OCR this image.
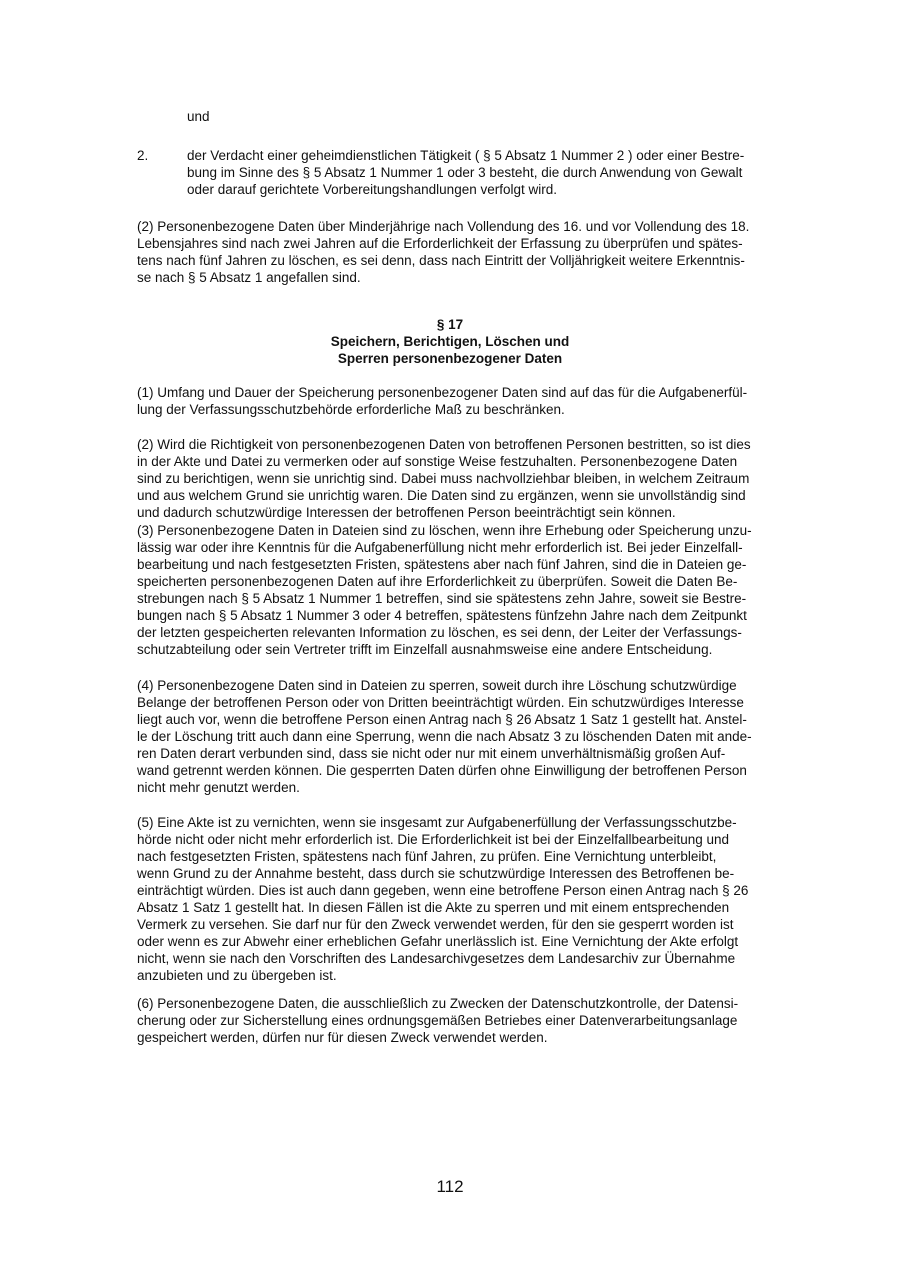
und
2.	der Verdacht einer geheimdienstlichen Tätigkeit ( § 5 Absatz 1 Nummer 2 ) oder einer Bestre-
bung im Sinne des § 5 Absatz 1 Nummer 1 oder 3 besteht, die durch Anwendung von Gewalt
oder darauf gerichtete Vorbereitungshandlungen verfolgt wird.
(2) Personenbezogene Daten über Minderjährige nach Vollendung des 16. und vor Vollendung des 18.
Lebensjahres sind nach zwei Jahren auf die Erforderlichkeit der Erfassung zu überprüfen und spätes-
tens nach fünf Jahren zu löschen, es sei denn, dass nach Eintritt der Volljährigkeit weitere Erkenntnis-
se nach § 5 Absatz 1 angefallen sind.
§ 17
Speichern, Berichtigen, Löschen und
Sperren personenbezogener Daten
(1) Umfang und Dauer der Speicherung personenbezogener Daten sind auf das für die Aufgabenerfül-
lung der Verfassungsschutzbehörde erforderliche Maß zu beschränken.
(2) Wird die Richtigkeit von personenbezogenen Daten von betroffenen Personen bestritten, so ist dies
in der Akte und Datei zu vermerken oder auf sonstige Weise festzuhalten. Personenbezogene Daten
sind zu berichtigen, wenn sie unrichtig sind. Dabei muss nachvollziehbar bleiben, in welchem Zeitraum
und aus welchem Grund sie unrichtig waren. Die Daten sind zu ergänzen, wenn sie unvollständig sind
und dadurch schutzwürdige Interessen der betroffenen Person beeinträchtigt sein können.
(3) Personenbezogene Daten in Dateien sind zu löschen, wenn ihre Erhebung oder Speicherung unzu-
lässig war oder ihre Kenntnis für die Aufgabenerfüllung nicht mehr erforderlich ist. Bei jeder Einzelfall-
bearbeitung und nach festgesetzten Fristen, spätestens aber nach fünf Jahren, sind die in Dateien ge-
speicherten personenbezogenen Daten auf ihre Erforderlichkeit zu überprüfen. Soweit die Daten Be-
strebungen nach § 5 Absatz 1 Nummer 1 betreffen, sind sie spätestens zehn Jahre, soweit sie Bestre-
bungen nach § 5 Absatz 1 Nummer 3 oder 4 betreffen, spätestens fünfzehn Jahre nach dem Zeitpunkt
der letzten gespeicherten relevanten Information zu löschen, es sei denn, der Leiter der Verfassungs-
schutzabteilung oder sein Vertreter trifft im Einzelfall ausnahmsweise eine andere Entscheidung.
(4) Personenbezogene Daten sind in Dateien zu sperren, soweit durch ihre Löschung schutzwürdige
Belange der betroffenen Person oder von Dritten beeinträchtigt würden. Ein schutzwürdiges Interesse
liegt auch vor, wenn die betroffene Person einen Antrag nach § 26 Absatz 1 Satz 1 gestellt hat. Anstel-
le der Löschung tritt auch dann eine Sperrung, wenn die nach Absatz 3 zu löschenden Daten mit ande-
ren Daten derart verbunden sind, dass sie nicht oder nur mit einem unverhältnismäßig großen Auf-
wand getrennt werden können. Die gesperrten Daten dürfen ohne Einwilligung der betroffenen Person
nicht mehr genutzt werden.
(5) Eine Akte ist zu vernichten, wenn sie insgesamt zur Aufgabenerfüllung der Verfassungsschutzbe-
hörde nicht oder nicht mehr erforderlich ist. Die Erforderlichkeit ist bei der Einzelfallbearbeitung und
nach festgesetzten Fristen, spätestens nach fünf Jahren, zu prüfen. Eine Vernichtung unterbleibt,
wenn Grund zu der Annahme besteht, dass durch sie schutzwürdige Interessen des Betroffenen be-
einträchtigt würden. Dies ist auch dann gegeben, wenn eine betroffene Person einen Antrag nach § 26
Absatz 1 Satz 1 gestellt hat. In diesen Fällen ist die Akte zu sperren und mit einem entsprechenden
Vermerk zu versehen. Sie darf nur für den Zweck verwendet werden, für den sie gesperrt worden ist
oder wenn es zur Abwehr einer erheblichen Gefahr unerlässlich ist. Eine Vernichtung der Akte erfolgt
nicht, wenn sie nach den Vorschriften des Landesarchivgesetzes dem Landesarchiv zur Übernahme
anzubieten und zu übergeben ist.
(6) Personenbezogene Daten, die ausschließlich zu Zwecken der Datenschutzkontrolle, der Datensi-
cherung oder zur Sicherstellung eines ordnungsgemäßen Betriebes einer Datenverarbeitungsanlage
gespeichert werden, dürfen nur für diesen Zweck verwendet werden.
112
